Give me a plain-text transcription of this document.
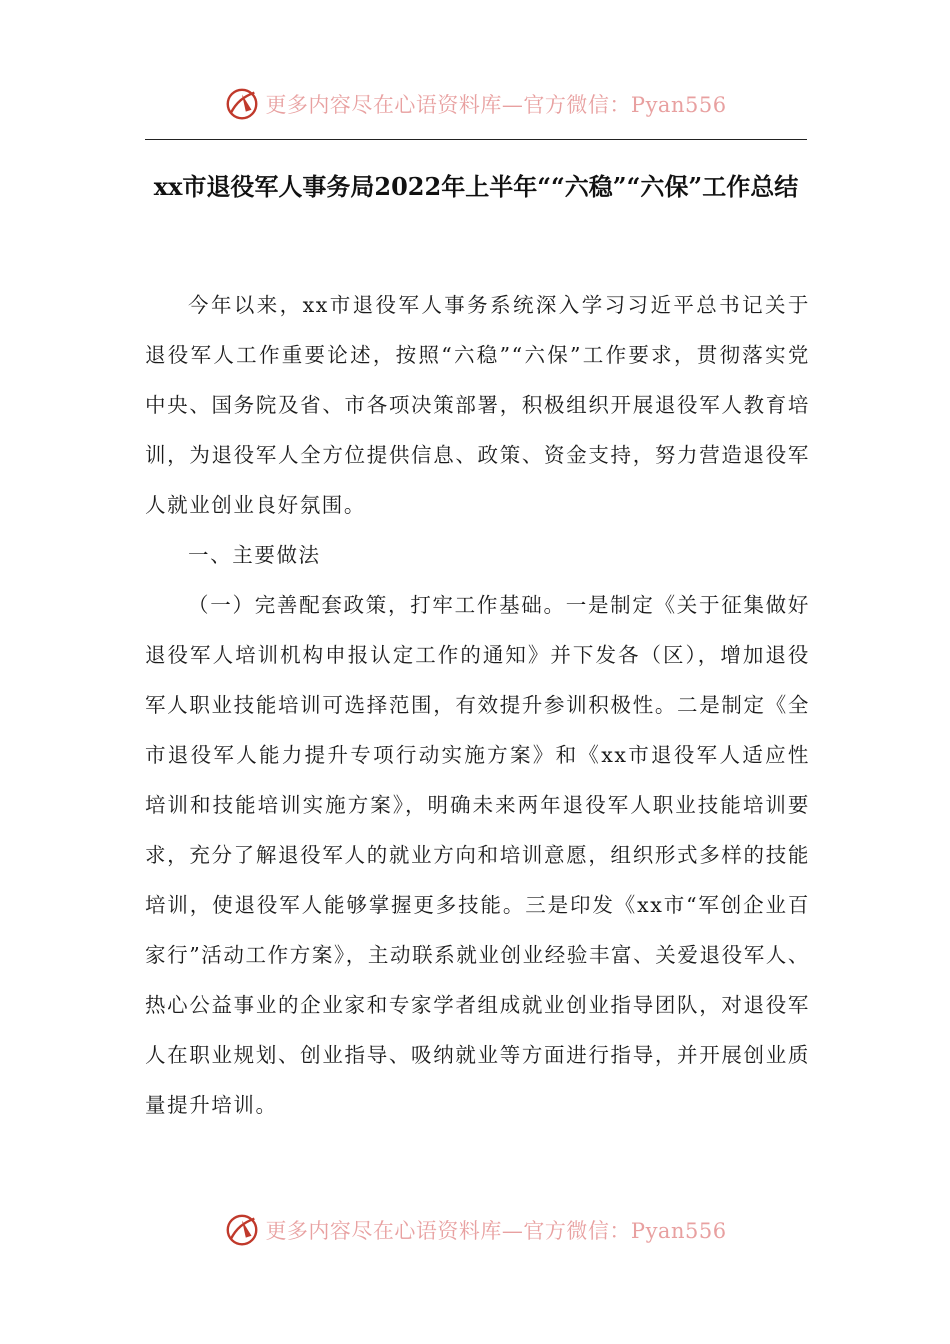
更多内容尽在心语资料库—官方微信：Pyan556
xx市退役军人事务局2022年上半年““六稳”“六保”工作总结

今年以来，xx市退役军人事务系统深入学习习近平总书记关于退役军人工作重要论述，按照“六稳”“六保”工作要求，贯彻落实党中央、国务院及省、市各项决策部署，积极组织开展退役军人教育培训，为退役军人全方位提供信息、政策、资金支持，努力营造退役军人就业创业良好氛围。

一、主要做法

（一）完善配套政策，打牢工作基础。一是制定《关于征集做好退役军人培训机构申报认定工作的通知》并下发各（区），增加退役军人职业技能培训可选择范围，有效提升参训积极性。二是制定《全市退役军人能力提升专项行动实施方案》和《xx市退役军人适应性培训和技能培训实施方案》，明确未来两年退役军人职业技能培训要求，充分了解退役军人的就业方向和培训意愿，组织形式多样的技能培训，使退役军人能够掌握更多技能。三是印发《xx市“军创企业百家行”活动工作方案》，主动联系就业创业经验丰富、关爱退役军人、热心公益事业的企业家和专家学者组成就业创业指导团队，对退役军人在职业规划、创业指导、吸纳就业等方面进行指导，并开展创业质量提升培训。

更多内容尽在心语资料库—官方微信：Pyan556
